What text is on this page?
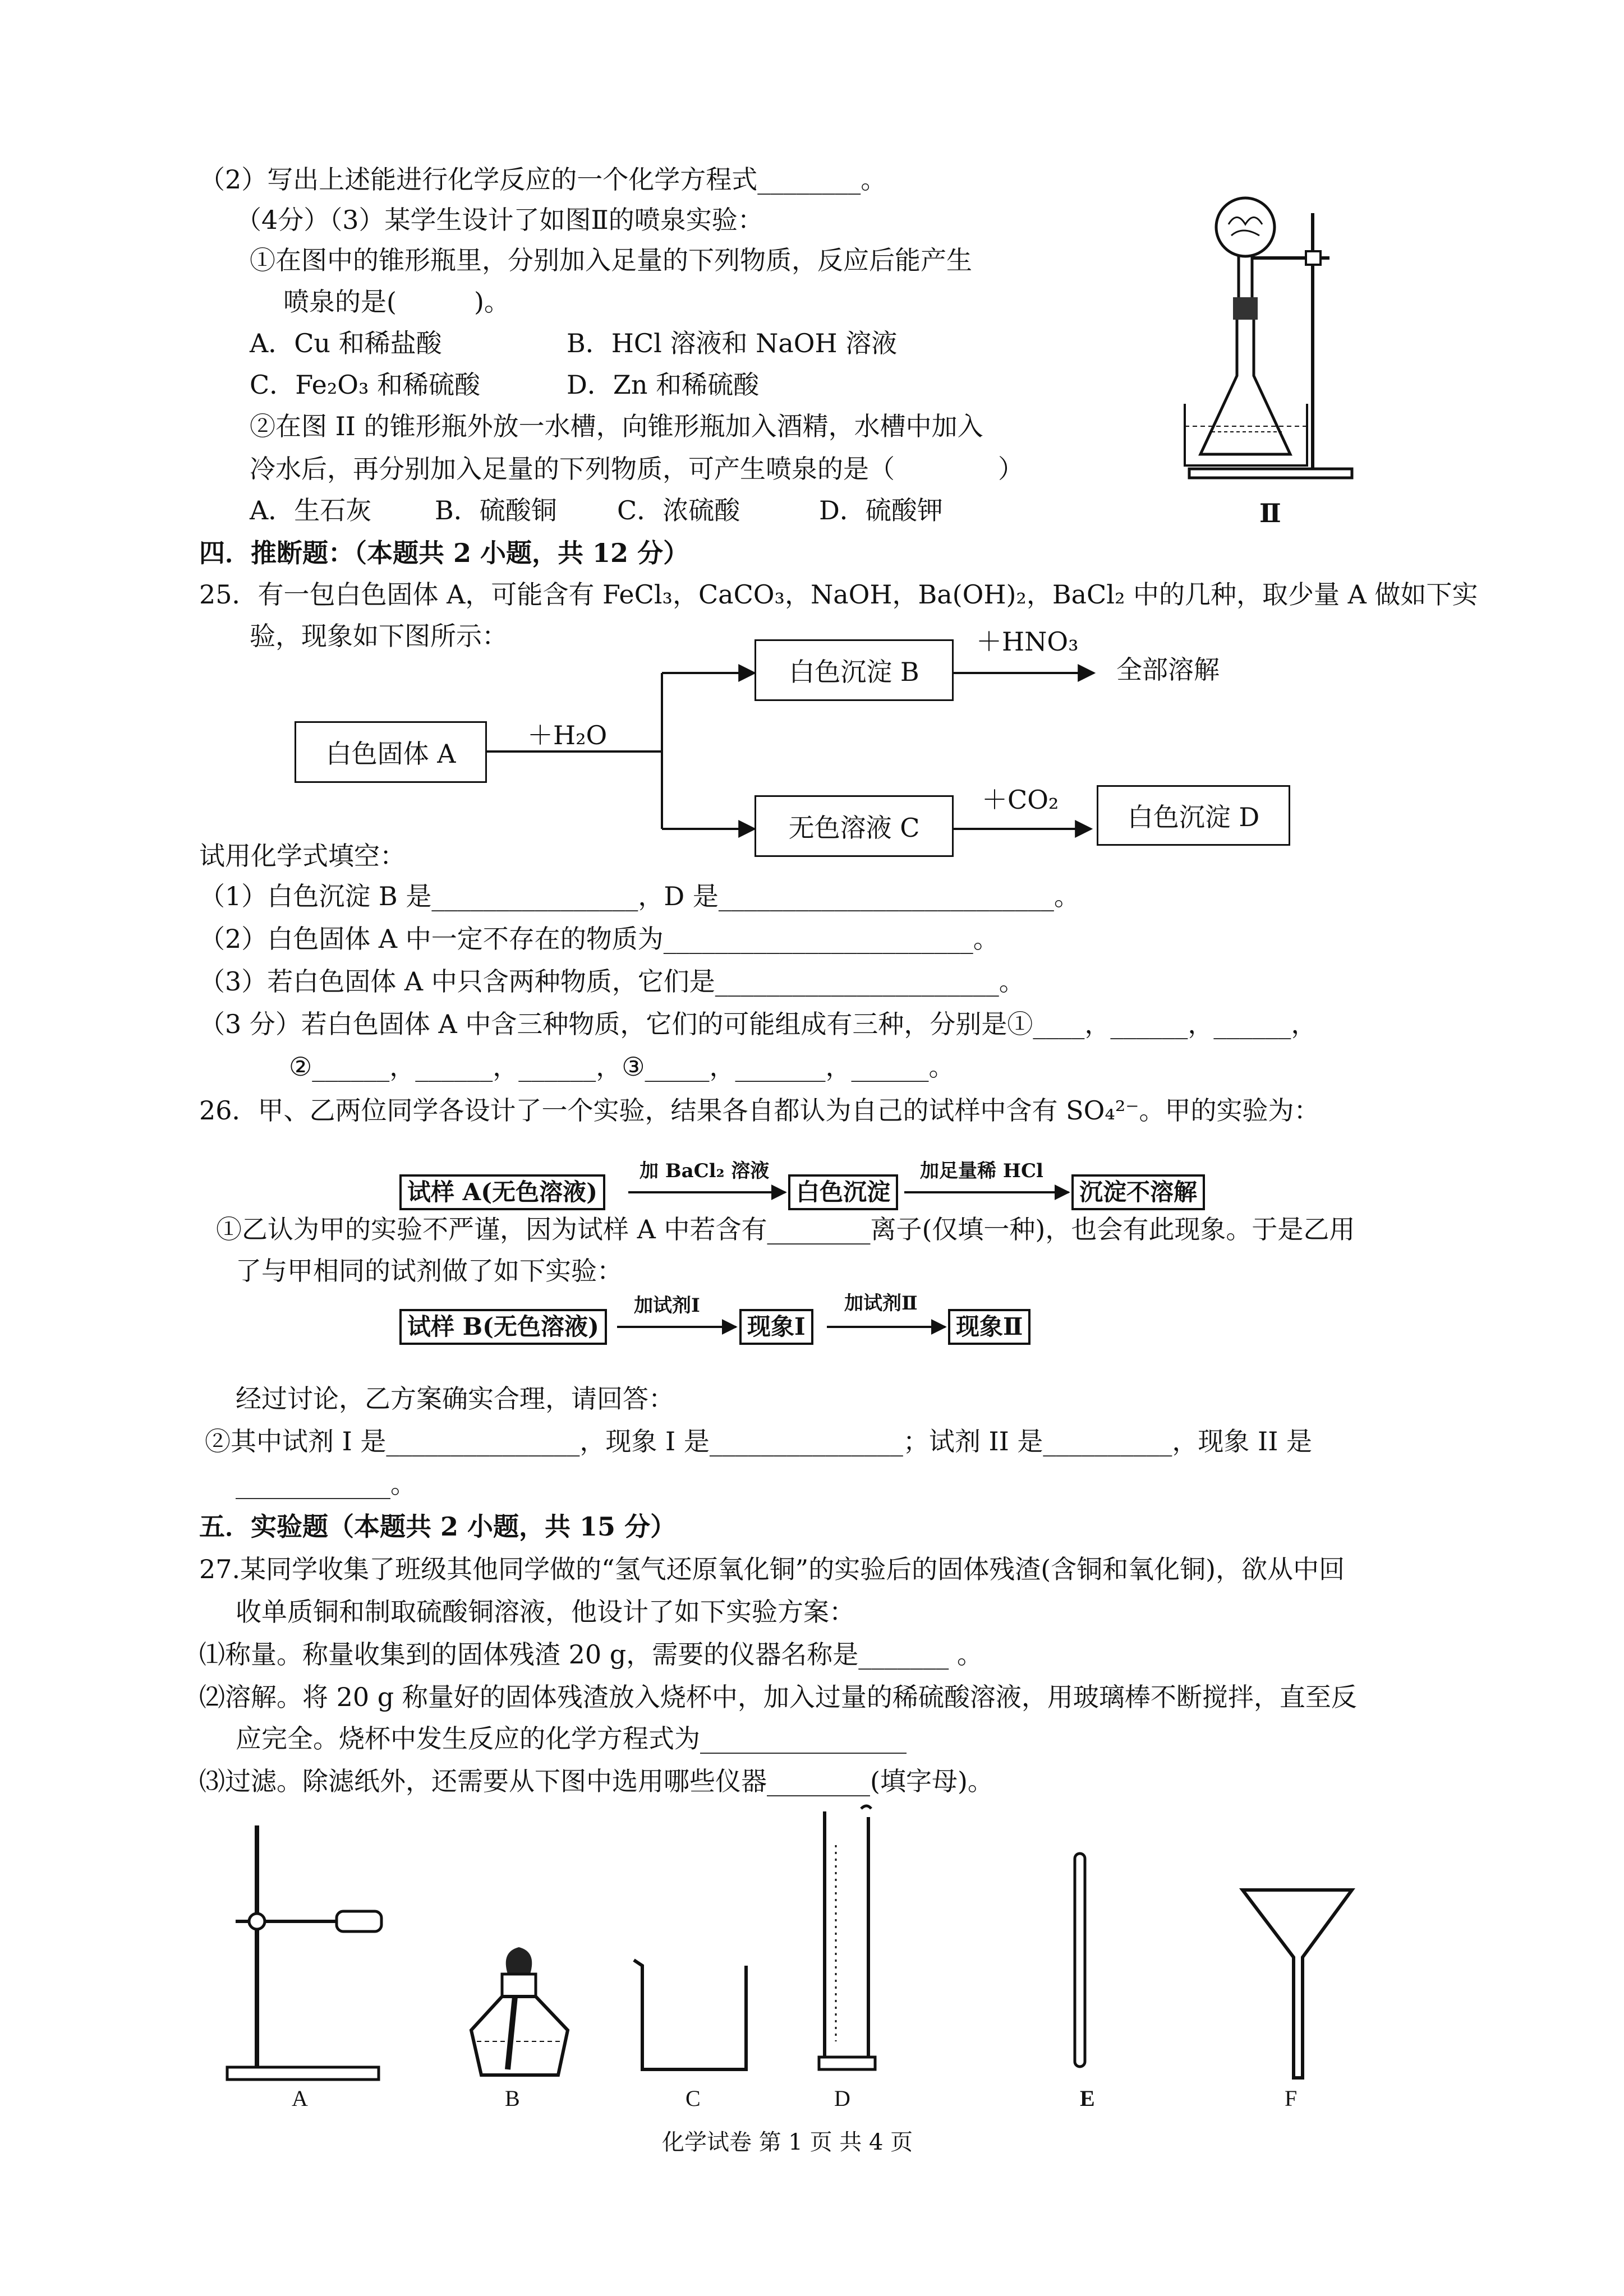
（2）写出上述能进行化学反应的一个化学方程式________。
（4分）（3）某学生设计了如图Ⅱ的喷泉实验：
①在图中的锥形瓶里，分别加入足量的下列物质，反应后能产生
喷泉的是(　　　)。
A．Cu 和稀盐酸	B．HCl 溶液和 NaOH 溶液
C．Fe₂O₃ 和稀硫酸	D．Zn 和稀硫酸
②在图 II 的锥形瓶外放一水槽，向锥形瓶加入酒精，水槽中加入
冷水后，再分别加入足量的下列物质，可产生喷泉的是（　　　　）
A．生石灰 B．硫酸铜 C．浓硫酸	D．硫酸钾	Ⅱ
四．推断题：（本题共 2 小题，共 12 分）
25．有一包白色固体 A，可能含有 FeCl₃，CaCO₃，NaOH，Ba(OH)₂，BaCl₂ 中的几种，取少量 A 做如下实
验，现象如下图所示：
白色固体 A
＋H₂O
白色沉淀 B
＋HNO₃
全部溶解
无色溶液 C
＋CO₂
白色沉淀 D
试用化学式填空：
（1）白色沉淀 B 是________________，D 是__________________________。
（2）白色固体 A 中一定不存在的物质为________________________。
（3）若白色固体 A 中只含两种物质，它们是______________________。
（3 分）若白色固体 A 中含三种物质，它们的可能组成有三种，分别是①____，______，______，
②______，______，______，③_____，_______，______。
26．甲、乙两位同学各设计了一个实验，结果各自都认为自己的试样中含有 SO₄²⁻。甲的实验为：
试样 A(无色溶液)
加 BaCl₂ 溶液
白色沉淀
加足量稀 HCl
沉淀不溶解
①乙认为甲的实验不严谨，因为试样 A 中若含有________离子(仅填一种)，也会有此现象。于是乙用
了与甲相同的试剂做了如下实验：
试样 B(无色溶液)
加试剂Ⅰ
现象Ⅰ
加试剂Ⅱ
现象Ⅱ
经过讨论，乙方案确实合理，请回答：
②其中试剂 I 是_______________，现象 I 是_______________；试剂 II 是__________，现象 II 是
____________。
五．实验题（本题共 2 小题，共 15 分）
27.某同学收集了班级其他同学做的“氢气还原氧化铜”的实验后的固体残渣(含铜和氧化铜)，欲从中回
收单质铜和制取硫酸铜溶液，他设计了如下实验方案：
⑴称量。称量收集到的固体残渣 20 g，需要的仪器名称是_______ 。
⑵溶解。将 20 g 称量好的固体残渣放入烧杯中，加入过量的稀硫酸溶液，用玻璃棒不断搅拌，直至反
应完全。烧杯中发生反应的化学方程式为________________
⑶过滤。除滤纸外，还需要从下图中选用哪些仪器________(填字母)。
A	B	C	D	E	F
化学试卷 第 1 页 共 4 页
